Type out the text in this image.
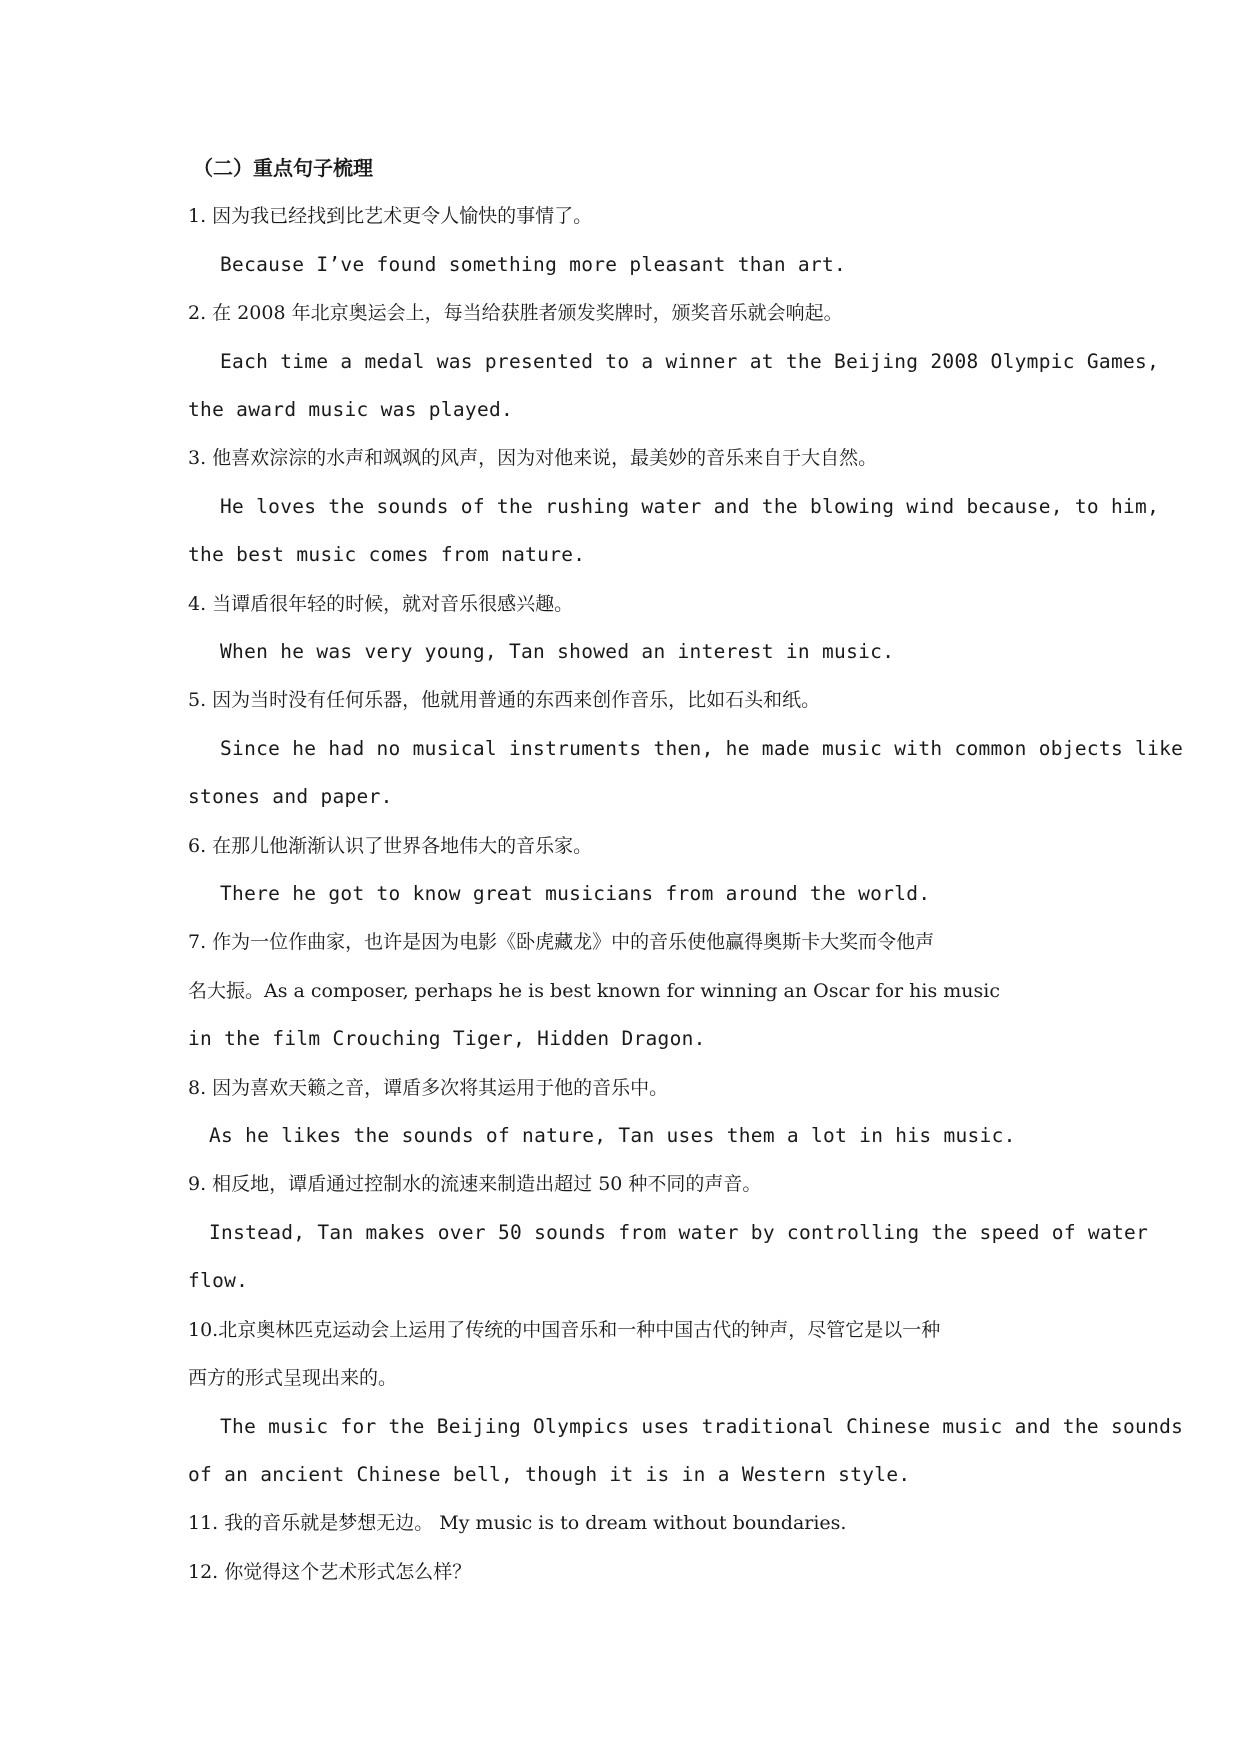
（二）重点句子梳理
1. 因为我已经找到比艺术更令人愉快的事情了。
Because I’ve found something more pleasant than art.
2. 在 2008 年北京奥运会上，每当给获胜者颁发奖牌时，颁奖音乐就会响起。
Each time a medal was presented to a winner at the Beijing 2008 Olympic Games,
the award music was played.
3. 他喜欢淙淙的水声和飒飒的风声，因为对他来说，最美妙的音乐来自于大自然。
He loves the sounds of the rushing water and the blowing wind because, to him,
the best music comes from nature.
4. 当谭盾很年轻的时候，就对音乐很感兴趣。
When he was very young, Tan showed an interest in music.
5. 因为当时没有任何乐器，他就用普通的东西来创作音乐，比如石头和纸。
Since he had no musical instruments then, he made music with common objects like
stones and paper.
6. 在那儿他渐渐认识了世界各地伟大的音乐家。
There he got to know great musicians from around the world.
7. 作为一位作曲家，也许是因为电影《卧虎藏龙》中的音乐使他赢得奥斯卡大奖而令他声
名大振。As a composer, perhaps he is best known for winning an Oscar for his music
in the film Crouching Tiger, Hidden Dragon.
8. 因为喜欢天籁之音，谭盾多次将其运用于他的音乐中。
As he likes the sounds of nature, Tan uses them a lot in his music.
9. 相反地，谭盾通过控制水的流速来制造出超过 50 种不同的声音。
Instead, Tan makes over 50 sounds from water by controlling the speed of water
flow.
10.北京奥林匹克运动会上运用了传统的中国音乐和一种中国古代的钟声，尽管它是以一种
西方的形式呈现出来的。
The music for the Beijing Olympics uses traditional Chinese music and the sounds
of an ancient Chinese bell, though it is in a Western style.
11. 我的音乐就是梦想无边。 My music is to dream without boundaries.
12. 你觉得这个艺术形式怎么样？
